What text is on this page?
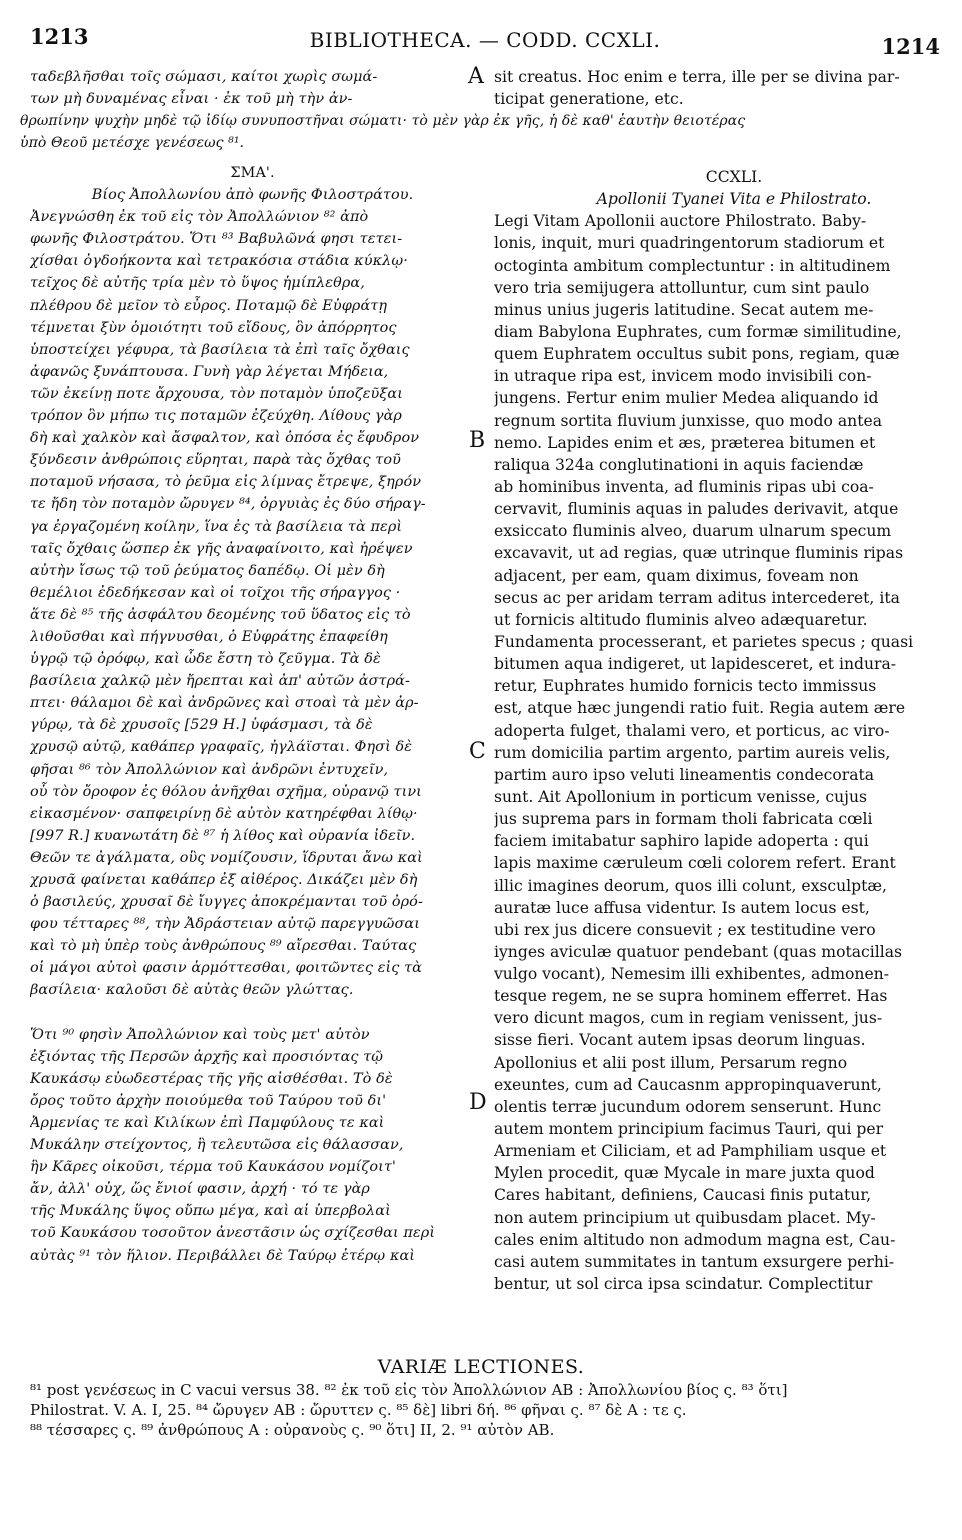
1213	BIBLIOTHECA. — CODD. CCXLI.	1214
ταδεβλῆσθαι τοῖς σώμασι, καίτοι χωρὶς σωμά-
των μὴ δυναμένας εἶναι · ἐκ τοῦ μὴ τὴν ἀν-
A sit creatus. Hoc enim e terra, ille per se divina par-
ticipat generatione, etc.
θρωπίνην ψυχὴν μηδὲ τῷ ἰδίῳ συνυποστῆναι σώματι· τὸ μὲν γὰρ ἐκ γῆς, ἡ δὲ καθ' ἑαυτὴν θειοτέρας
ὑπὸ Θεοῦ μετέσχε γενέσεως ⁸¹.
ΣΜΑ'.
Βίος Ἀπολλωνίου ἀπὸ φωνῆς Φιλοστράτου.
Ἀνεγνώσθη ἐκ τοῦ εἰς τὸν Ἀπολλώνιον ⁸² ἀπὸ
φωνῆς Φιλοστράτου. Ὅτι ⁸³ Βαβυλῶνά φησι τετει-
χίσθαι ὀγδοήκοντα καὶ τετρακόσια στάδια κύκλῳ·
τεῖχος δὲ αὐτῆς τρία μὲν τὸ ὕψος ἡμίπλεθρα,
πλέθρου δὲ μεῖον τὸ εὖρος. Ποταμῷ δὲ Εὐφράτῃ
τέμνεται ξὺν ὁμοιότητι τοῦ εἴδους, ὃν ἀπόρρητος
ὑποστείχει γέφυρα, τὰ βασίλεια τὰ ἐπὶ ταῖς ὄχθαις
ἀφανῶς ξυνάπτουσα. Γυνὴ γὰρ λέγεται Μήδεια,
τῶν ἐκείνῃ ποτε ἄρχουσα, τὸν ποταμὸν ὑποζεῦξαι
τρόπον ὃν μήπω τις ποταμῶν ἐζεύχθη. Λίθους γὰρ
δὴ καὶ χαλκὸν καὶ ἄσφαλτον, καὶ ὁπόσα ἐς ἔφυδρον
ξύνδεσιν ἀνθρώποις εὕρηται, παρὰ τὰς ὄχθας τοῦ
ποταμοῦ νήσασα, τὸ ῥεῦμα εἰς λίμνας ἔτρεψε, ξηρόν
τε ἤδη τὸν ποταμὸν ὤρυγεν ⁸⁴, ὀργυιὰς ἐς δύο σήραγ-
γα ἐργαζομένη κοίλην, ἵνα ἐς τὰ βασίλεια τὰ περὶ
ταῖς ὄχθαις ὥσπερ ἐκ γῆς ἀναφαίνοιτο, καὶ ἠρέψεν
αὐτὴν ἴσως τῷ τοῦ ῥεύματος δαπέδῳ. Οἱ μὲν δὴ
θεμέλιοι ἐδεδήκεσαν καὶ οἱ τοῖχοι τῆς σήραγγος ·
ἅτε δὲ ⁸⁵ τῆς ἀσφάλτου δεομένης τοῦ ὕδατος εἰς τὸ
λιθοῦσθαι καὶ πήγνυσθαι, ὁ Εὐφράτης ἐπαφείθη
ὑγρῷ τῷ ὀρόφῳ, καὶ ὧδε ἔστη τὸ ζεῦγμα. Τὰ δὲ
βασίλεια χαλκῷ μὲν ἤρεπται καὶ ἀπ' αὐτῶν ἀστρά-
πτει· θάλαμοι δὲ καὶ ἀνδρῶνες καὶ στοαὶ τὰ μὲν ἀρ-
γύρῳ, τὰ δὲ χρυσοῖς [529 H.] ὑφάσμασι, τὰ δὲ
χρυσῷ αὐτῷ, καθάπερ γραφαῖς, ἠγλάϊσται. Φησὶ δὲ
φῆσαι ⁸⁶ τὸν Ἀπολλώνιον καὶ ἀνδρῶνι ἐντυχεῖν,
οὗ τὸν ὄροφον ἐς θόλου ἀνῆχθαι σχῆμα, οὐρανῷ τινι
εἰκασμένον· σαπφειρίνῃ δὲ αὐτὸν κατηρέφθαι λίθῳ·
[997 R.] κυανωτάτη δὲ ⁸⁷ ἡ λίθος καὶ οὐρανία ἰδεῖν.
Θεῶν τε ἀγάλματα, οὓς νομίζουσιν, ἵδρυται ἄνω καὶ
χρυσᾶ φαίνεται καθάπερ ἐξ αἰθέρος. Δικάζει μὲν δὴ
ὁ βασιλεύς, χρυσαῖ δὲ ἴυγγες ἀποκρέμανται τοῦ ὀρό-
φου τέτταρες ⁸⁸, τὴν Ἀδράστειαν αὐτῷ παρεγγυῶσαι
καὶ τὸ μὴ ὑπὲρ τοὺς ἀνθρώπους ⁸⁹ αἴρεσθαι. Ταύτας
οἱ μάγοι αὐτοὶ φασιν ἁρμόττεσθαι, φοιτῶντες εἰς τὰ
βασίλεια· καλοῦσι δὲ αὐτὰς θεῶν γλώττας.
Ὅτι ⁹⁰ φησὶν Ἀπολλώνιον καὶ τοὺς μετ' αὐτὸν
ἐξιόντας τῆς Περσῶν ἀρχῆς καὶ προσιόντας τῷ
Καυκάσῳ εὐωδεστέρας τῆς γῆς αἰσθέσθαι. Τὸ δὲ
ὄρος τοῦτο ἀρχὴν ποιούμεθα τοῦ Ταύρου τοῦ δι'
Ἀρμενίας τε καὶ Κιλίκων ἐπὶ Παμφύλους τε καὶ
Μυκάλην στείχοντος, ἣ τελευτῶσα εἰς θάλασσαν,
ἣν Κᾶρες οἰκοῦσι, τέρμα τοῦ Καυκάσου νομίζοιτ'
ἄν, ἀλλ' οὐχ, ὥς ἔνιοί φασιν, ἀρχή · τό τε γὰρ
τῆς Μυκάλης ὕψος οὔπω μέγα, καὶ αἱ ὑπερβολαὶ
τοῦ Καυκάσου τοσοῦτον ἀνεστᾶσιν ὡς σχίζεσθαι περὶ
αὐτὰς ⁹¹ τὸν ἥλιον. Περιβάλλει δὲ Ταύρῳ ἑτέρῳ καὶ
B
C
D
CCXLI.
Apollonii Tyanei Vita e Philostrato.
Legi Vitam Apollonii auctore Philostrato. Baby-
lonis, inquit, muri quadringentorum stadiorum et
octoginta ambitum complectuntur : in altitudinem
vero tria semijugera attolluntur, cum sint paulo
minus unius jugeris latitudine. Secat autem me-
diam Babylona Euphrates, cum formæ similitudine,
quem Euphratem occultus subit pons, regiam, quæ
in utraque ripa est, invicem modo invisibili con-
jungens. Fertur enim mulier Medea aliquando id
regnum sortita fluvium junxisse, quo modo antea
nemo. Lapides enim et æs, præterea bitumen et
raliqua 324a conglutinationi in aquis faciendæ
ab hominibus inventa, ad fluminis ripas ubi coa-
cervavit, fluminis aquas in paludes derivavit, atque
exsiccato fluminis alveo, duarum ulnarum specum
excavavit, ut ad regias, quæ utrinque fluminis ripas
adjacent, per eam, quam diximus, foveam non
secus ac per aridam terram aditus intercederet, ita
ut fornicis altitudo fluminis alveo adæquaretur.
Fundamenta processerant, et parietes specus ; quasi
bitumen aqua indigeret, ut lapidesceret, et indura-
retur, Euphrates humido fornicis tecto immissus
est, atque hæc jungendi ratio fuit. Regia autem ære
adoperta fulget, thalami vero, et porticus, ac viro-
rum domicilia partim argento, partim aureis velis,
partim auro ipso veluti lineamentis condecorata
sunt. Ait Apollonium in porticum venisse, cujus
jus suprema pars in formam tholi fabricata cœli
faciem imitabatur saphiro lapide adoperta : qui
lapis maxime cæruleum cœli colorem refert. Erant
illic imagines deorum, quos illi colunt, exsculptæ,
auratæ luce affusa videntur. Is autem locus est,
ubi rex jus dicere consuevit ; ex testitudine vero
iynges aviculæ quatuor pendebant (quas motacillas
vulgo vocant), Nemesim illi exhibentes, admonen-
tesque regem, ne se supra hominem efferret. Has
vero dicunt magos, cum in regiam venissent, jus-
sisse fieri. Vocant autem ipsas deorum linguas.
Apollonius et alii post illum, Persarum regno
exeuntes, cum ad Caucasnm appropinquaverunt,
olentis terræ jucundum odorem senserunt. Hunc
autem montem principium facimus Tauri, qui per
Armeniam et Ciliciam, et ad Pamphiliam usque et
Mylen procedit, quæ Mycale in mare juxta quod
Cares habitant, definiens, Caucasi finis putatur,
non autem principium ut quibusdam placet. My-
cales enim altitudo non admodum magna est, Cau-
casi autem summitates in tantum exsurgere perhi-
bentur, ut sol circa ipsa scindatur. Complectitur
VARIÆ LECTIONES.
⁸¹ post γενέσεως in C vacui versus 38. ⁸² ἐκ τοῦ εἰς τὸν Ἀπολλώνιον AB : Ἀπολλωνίου βίος ς. ⁸³ ὅτι]
Philostrat. V. A. I, 25. ⁸⁴ ὤρυγεν AB : ὤρυττεν ς. ⁸⁵ δὲ] libri δή. ⁸⁶ φῆναι ς. ⁸⁷ δὲ A : τε ς.
⁸⁸ τέσσαρες ς. ⁸⁹ ἀνθρώπους A : οὐρανοὺς ς. ⁹⁰ ὅτι] II, 2. ⁹¹ αὐτὸν AB.
